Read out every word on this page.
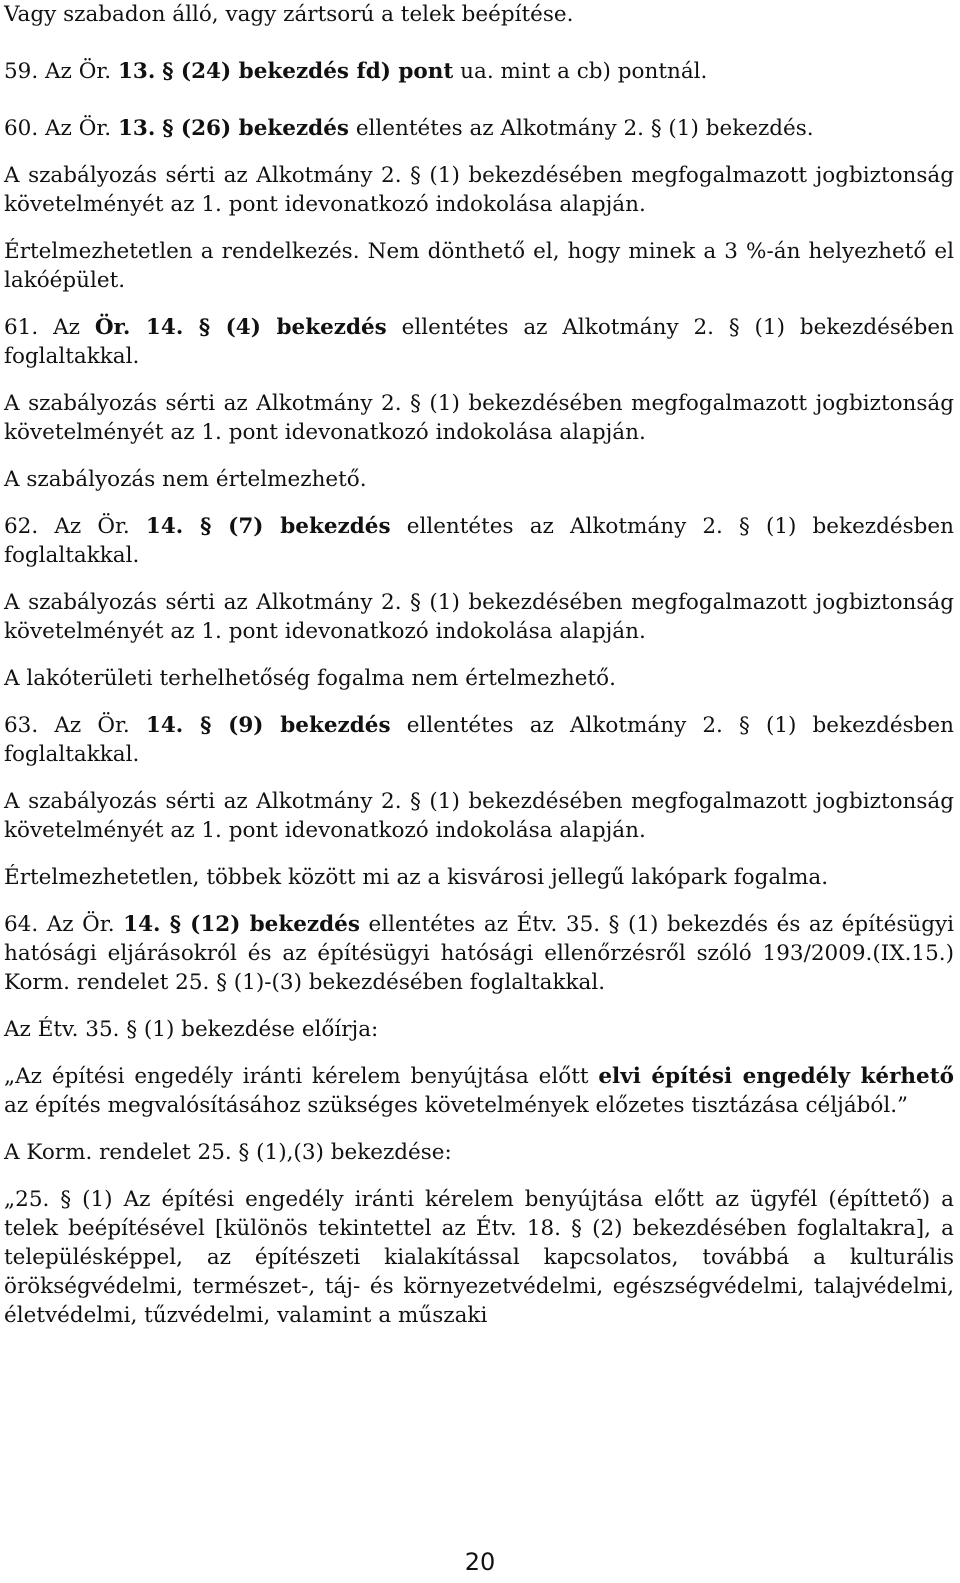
Vagy szabadon álló, vagy zártsorú a telek beépítése.

59. Az Ör. 13. § (24) bekezdés fd) pont ua. mint a cb) pontnál.

60. Az Ör. 13. § (26) bekezdés ellentétes az Alkotmány 2. § (1) bekezdés.

A szabályozás sérti az Alkotmány 2. § (1) bekezdésében megfogalmazott jogbiztonság követelményét az 1. pont idevonatkozó indokolása alapján.

Értelmezhetetlen a rendelkezés. Nem dönthető el, hogy minek a 3 %-án helyezhető el lakóépület.

61. Az Ör. 14. § (4) bekezdés ellentétes az Alkotmány 2. § (1) bekezdésében foglaltakkal.

A szabályozás sérti az Alkotmány 2. § (1) bekezdésében megfogalmazott jogbiztonság követelményét az 1. pont idevonatkozó indokolása alapján.

A szabályozás nem értelmezhető.

62. Az Ör. 14. § (7) bekezdés ellentétes az Alkotmány 2. § (1) bekezdésben foglaltakkal.

A szabályozás sérti az Alkotmány 2. § (1) bekezdésében megfogalmazott jogbiztonság követelményét az 1. pont idevonatkozó indokolása alapján.

A lakóterületi terhelhetőség fogalma nem értelmezhető.

63. Az Ör. 14. § (9) bekezdés ellentétes az Alkotmány 2. § (1) bekezdésben foglaltakkal.

A szabályozás sérti az Alkotmány 2. § (1) bekezdésében megfogalmazott jogbiztonság követelményét az 1. pont idevonatkozó indokolása alapján.

Értelmezhetetlen, többek között mi az a kisvárosi jellegű lakópark fogalma.

64. Az Ör. 14. § (12) bekezdés ellentétes az Étv. 35. § (1) bekezdés és az építésügyi hatósági eljárásokról és az építésügyi hatósági ellenőrzésről szóló 193/2009.(IX.15.) Korm. rendelet 25. § (1)-(3) bekezdésében foglaltakkal.

Az Étv. 35. § (1) bekezdése előírja:

„Az építési engedély iránti kérelem benyújtása előtt elvi építési engedély kérhető az építés megvalósításához szükséges követelmények előzetes tisztázása céljából.”

A Korm. rendelet 25. § (1),(3) bekezdése:

„25. § (1) Az építési engedély iránti kérelem benyújtása előtt az ügyfél (építtető) a telek beépítésével [különös tekintettel az Étv. 18. § (2) bekezdésében foglaltakra], a településképpel, az építészeti kialakítással kapcsolatos, továbbá a kulturális örökségvédelmi, természet-, táj- és környezetvédelmi, egészségvédelmi, talajvédelmi, életvédelmi, tűzvédelmi, valamint a műszaki

20
